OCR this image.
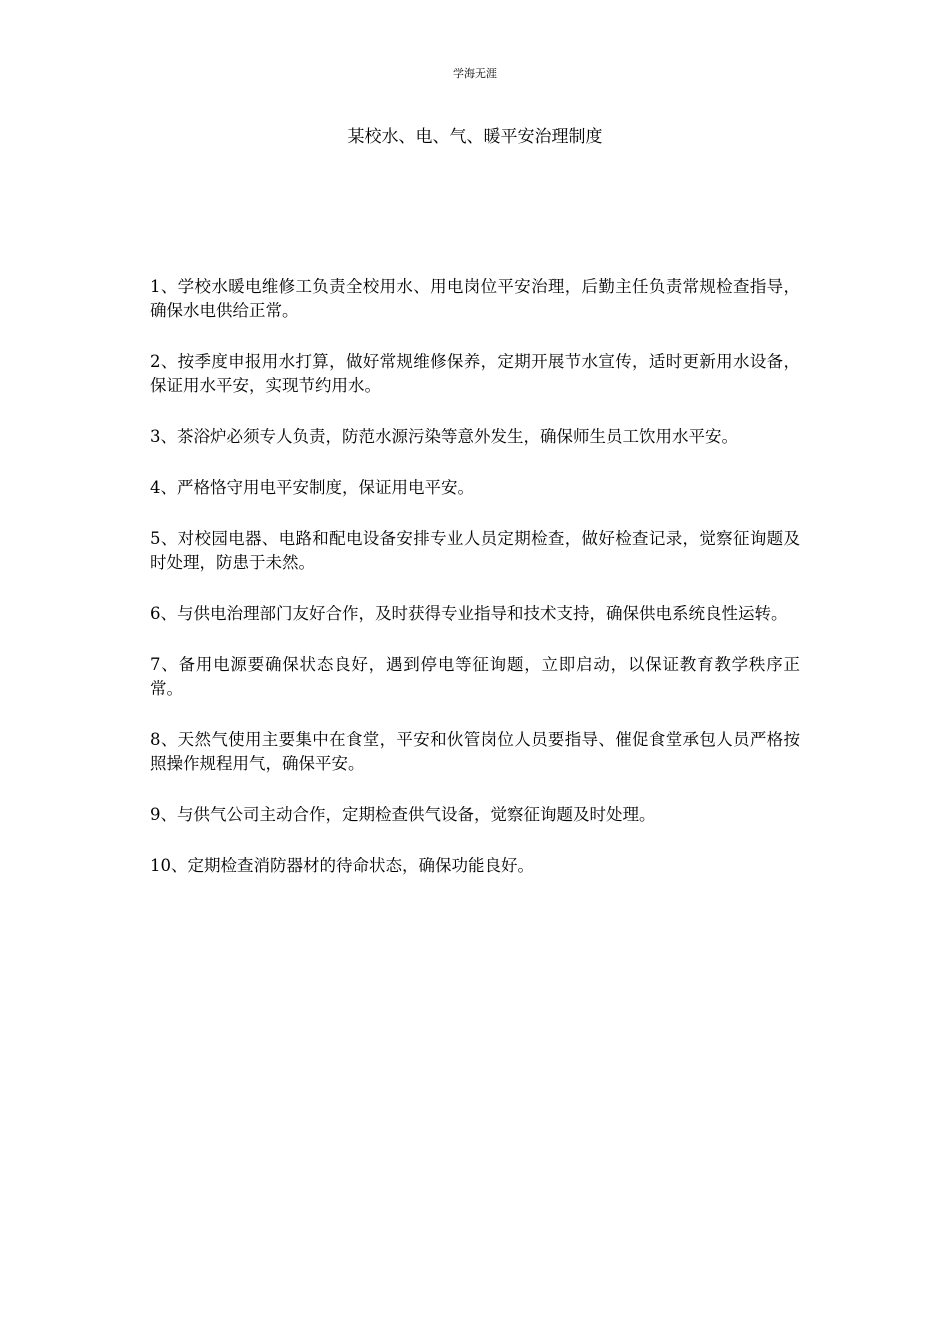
学海无涯
某校水、电、气、暖平安治理制度

1、学校水暖电维修工负责全校用水、用电岗位平安治理，后勤主任负责常规检查指导，确保水电供给正常。

2、按季度申报用水打算，做好常规维修保养，定期开展节水宣传，适时更新用水设备，保证用水平安，实现节约用水。

3、茶浴炉必须专人负责，防范水源污染等意外发生，确保师生员工饮用水平安。

4、严格恪守用电平安制度，保证用电平安。

5、对校园电器、电路和配电设备安排专业人员定期检查，做好检查记录，觉察征询题及时处理，防患于未然。

6、与供电治理部门友好合作，及时获得专业指导和技术支持，确保供电系统良性运转。

7、备用电源要确保状态良好，遇到停电等征询题，立即启动，以保证教育教学秩序正常。

8、天然气使用主要集中在食堂，平安和伙管岗位人员要指导、催促食堂承包人员严格按照操作规程用气，确保平安。

9、与供气公司主动合作，定期检查供气设备，觉察征询题及时处理。

10、定期检查消防器材的待命状态，确保功能良好。
